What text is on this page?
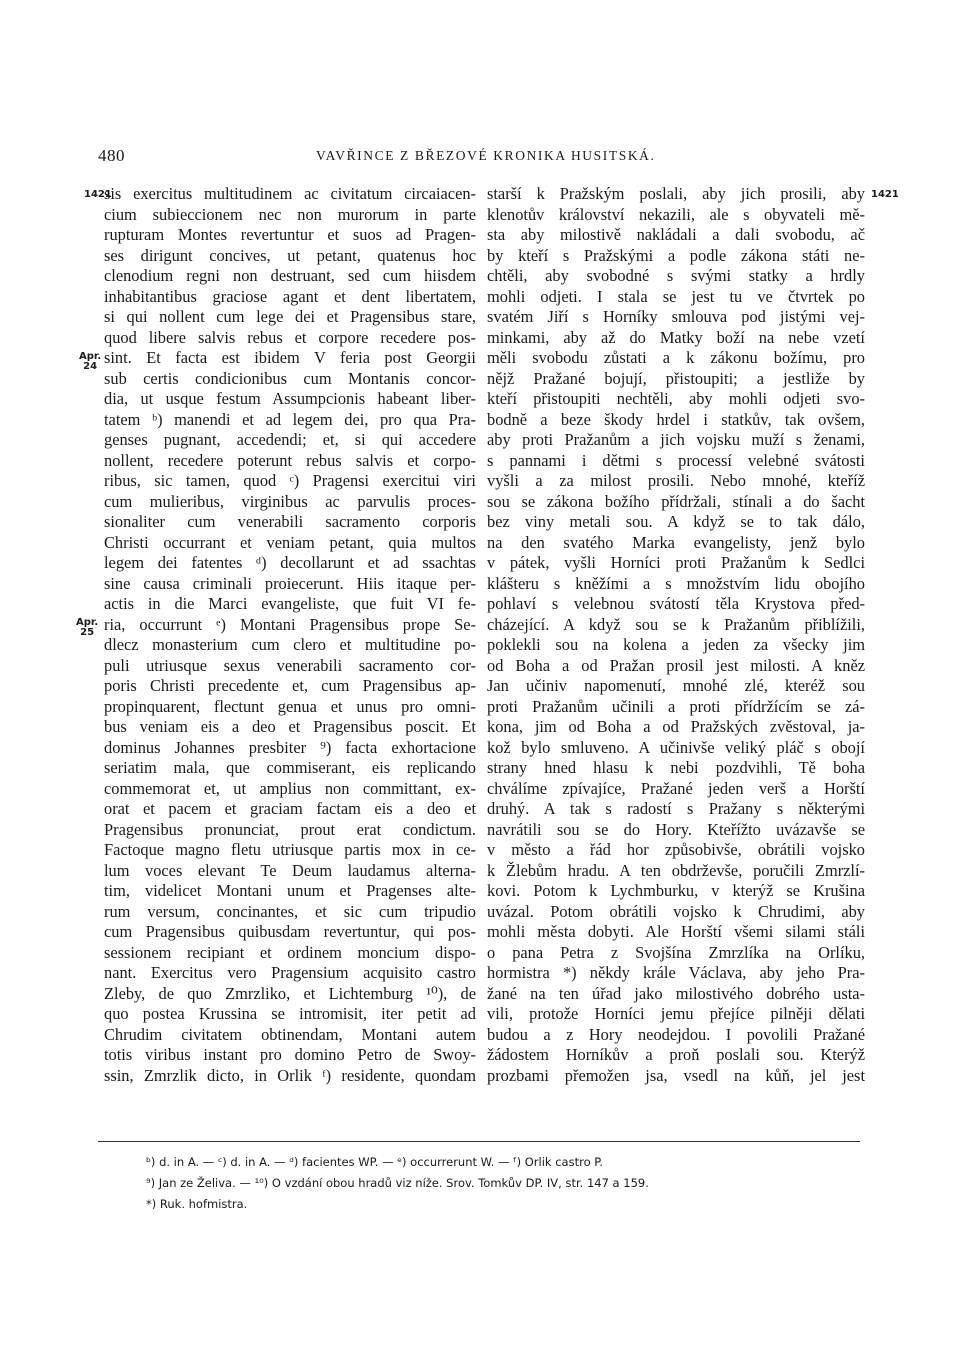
480	VAVŘINCE Z BŘEZOVÉ KRONIKA HUSITSKÁ.
1421	1421
Apr.
24
Apr.
25
sis exercitus multitudinem ac civitatum circaiacen-
cium subieccionem nec non murorum in parte
rupturam Montes revertuntur et suos ad Pragen-
ses dirigunt concives, ut petant, quatenus hoc
clenodium regni non destruant, sed cum hiisdem
inhabitantibus graciose agant et dent libertatem,
si qui nollent cum lege dei et Pragensibus stare,
quod libere salvis rebus et corpore recedere pos-
sint. Et facta est ibidem V feria post Georgii
sub certis condicionibus cum Montanis concor-
dia, ut usque festum Assumpcionis habeant liber-
tatem ᵇ) manendi et ad legem dei, pro qua Pra-
genses pugnant, accedendi; et, si qui accedere
nollent, recedere poterunt rebus salvis et corpo-
ribus, sic tamen, quod ᶜ) Pragensi exercitui viri
cum mulieribus, virginibus ac parvulis proces-
sionaliter cum venerabili sacramento corporis
Christi occurrant et veniam petant, quia multos
legem dei fatentes ᵈ) decollarunt et ad ssachtas
sine causa criminali proiecerunt. Hiis itaque per-
actis in die Marci evangeliste, que fuit VI fe-
ria, occurrunt ᵉ) Montani Pragensibus prope Se-
dlecz monasterium cum clero et multitudine po-
puli utriusque sexus venerabili sacramento cor-
poris Christi precedente et, cum Pragensibus ap-
propinquarent, flectunt genua et unus pro omni-
bus veniam eis a deo et Pragensibus poscit. Et
dominus Johannes presbiter ⁹) facta exhortacione
seriatim mala, que commiserant, eis replicando
commemorat et, ut amplius non committant, ex-
orat et pacem et graciam factam eis a deo et
Pragensibus pronunciat, prout erat condictum.
Factoque magno fletu utriusque partis mox in ce-
lum voces elevant Te Deum laudamus alterna-
tim, videlicet Montani unum et Pragenses alte-
rum versum, concinantes, et sic cum tripudio
cum Pragensibus quibusdam revertuntur, qui pos-
sessionem recipiant et ordinem moncium dispo-
nant. Exercitus vero Pragensium acquisito castro
Zleby, de quo Zmrzliko, et Lichtemburg ¹⁰), de
quo postea Krussina se intromisit, iter petit ad
Chrudim civitatem obtinendam, Montani autem
totis viribus instant pro domino Petro de Swoy-
ssin, Zmrzlik dicto, in Orlik ᶠ) residente, quondam
starší k Pražským poslali, aby jich prosili, aby
klenotův království nekazili, ale s obyvateli mě-
sta aby milostivě nakládali a dali svobodu, ač
by kteří s Pražskými a podle zákona státi ne-
chtěli, aby svobodné s svými statky a hrdly
mohli odjeti. I stala se jest tu ve čtvrtek po
svatém Jiří s Horníky smlouva pod jistými vej-
minkami, aby až do Matky boží na nebe vzetí
měli svobodu zůstati a k zákonu božímu, pro
nějž Pražané bojují, přistoupiti; a jestliže by
kteří přistoupiti nechtěli, aby mohli odjeti svo-
bodně a beze škody hrdel i statkův, tak ovšem,
aby proti Pražanům a jich vojsku muží s ženami,
s pannami i dětmi s processí velebné svátosti
vyšli a za milost prosili. Nebo mnohé, kteříž
sou se zákona božího přídržali, stínali a do šacht
bez viny metali sou. A když se to tak dálo,
na den svatého Marka evangelisty, jenž bylo
v pátek, vyšli Horníci proti Pražanům k Sedlci
klášteru s kněžími a s množstvím lidu obojího
pohlaví s velebnou svátostí těla Krystova před-
cházející. A když sou se k Pražanům přiblížili,
poklekli sou na kolena a jeden za všecky jim
od Boha a od Pražan prosil jest milosti. A kněz
Jan učiniv napomenutí, mnohé zlé, kteréž sou
proti Pražanům učinili a proti přídržícím se zá-
kona, jim od Boha a od Pražských zvěstoval, ja-
kož bylo smluveno. A učinivše veliký pláč s obojí
strany hned hlasu k nebi pozdvihli, Tě boha
chválíme zpívajíce, Pražané jeden verš a Horští
druhý. A tak s radostí s Pražany s některými
navrátili sou se do Hory. Kteřížto uvázavše se
v město a řád hor způsobivše, obrátili vojsko
k Žlebům hradu. A ten obdrževše, poručili Zmrzlí-
kovi. Potom k Lychmburku, v kterýž se Krušina
uvázal. Potom obrátili vojsko k Chrudimi, aby
mohli města dobyti. Ale Horští všemi silami stáli
o pana Petra z Svojšína Zmrzlíka na Orlíku,
hormistra *) někdy krále Václava, aby jeho Pra-
žané na ten úřad jako milostivého dobrého usta-
vili, protože Horníci jemu přejíce pilněji dělati
budou a z Hory neodejdou. I povolili Pražané
žádostem Horníkův a proň poslali sou. Kterýž
prozbami přemožen jsa, vsedl na kůň, jel jest
ᵇ) d. in A. — ᶜ) d. in A. — ᵈ) facientes WP. — ᵉ) occurrerunt W. — ᶠ) Orlik castro P.
⁹) Jan ze Želiva. — ¹⁰) O vzdání obou hradů viz níže. Srov. Tomkův DP. IV, str. 147 a 159.
*) Ruk. hofmistra.
